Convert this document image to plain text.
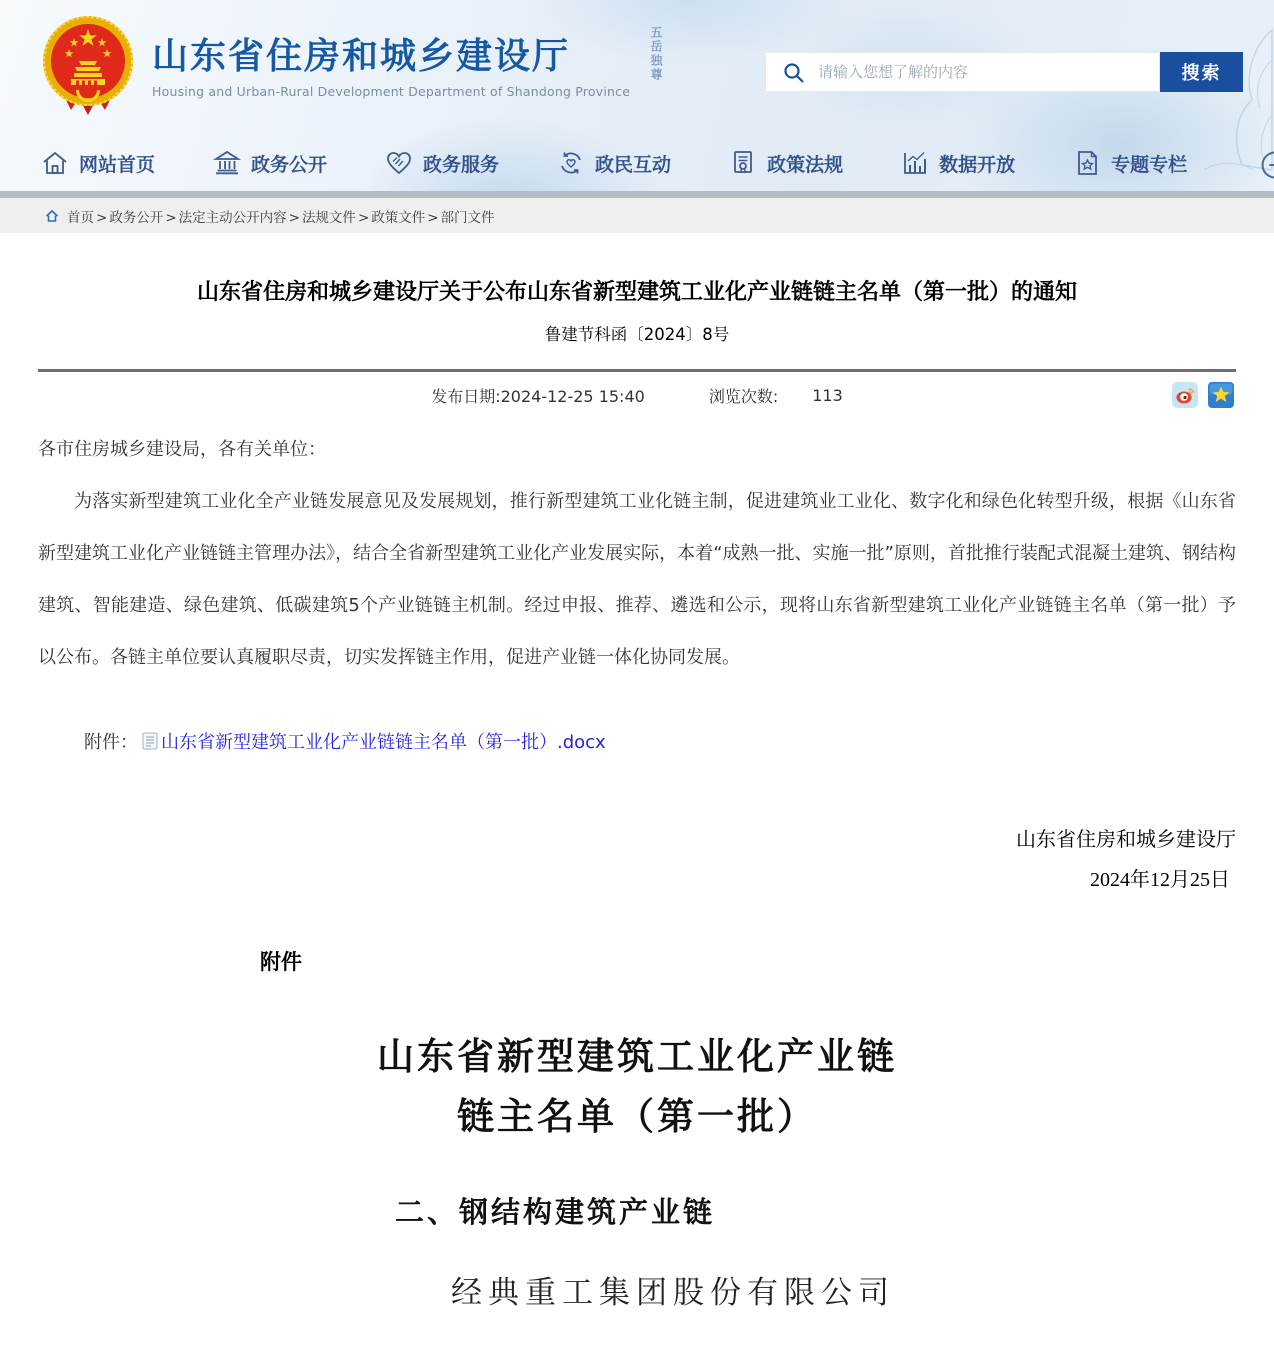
山东省住房和城乡建设厅
Housing and Urban-Rural Development Department of Shandong Province
五岳独尊
请输入您想了解的内容	搜索
网站首页	政务公开	政务服务	政民互动	政策法规	数据开放	专题专栏
首页	> 政务公开	> 法定主动公开内容	> 法规文件	> 政策文件	> 部门文件
山东省住房和城乡建设厅关于公布山东省新型建筑工业化产业链链主名单（第一批）的通知
鲁建节科函〔2024〕8号
发布日期:2024-12-25 15:40	浏览次数: 113
各市住房城乡建设局，各有关单位：
为落实新型建筑工业化全产业链发展意见及发展规划，推行新型建筑工业化链主制，促进建筑业工业化、数字化和绿色化转型升级，根据《山东省新型建筑工业化产业链链主管理办法》，结合全省新型建筑工业化产业发展实际，本着“成熟一批、实施一批”原则，首批推行装配式混凝土建筑、钢结构建筑、智能建造、绿色建筑、低碳建筑5个产业链链主机制。经过申报、推荐、遴选和公示，现将山东省新型建筑工业化产业链链主名单（第一批）予以公布。各链主单位要认真履职尽责，切实发挥链主作用，促进产业链一体化协同发展。
附件： 山东省新型建筑工业化产业链链主名单（第一批）.docx
山东省住房和城乡建设厅
2024年12月25日
附件
山东省新型建筑工业化产业链
链主名单（第一批）
二、钢结构建筑产业链
经典重工集团股份有限公司
